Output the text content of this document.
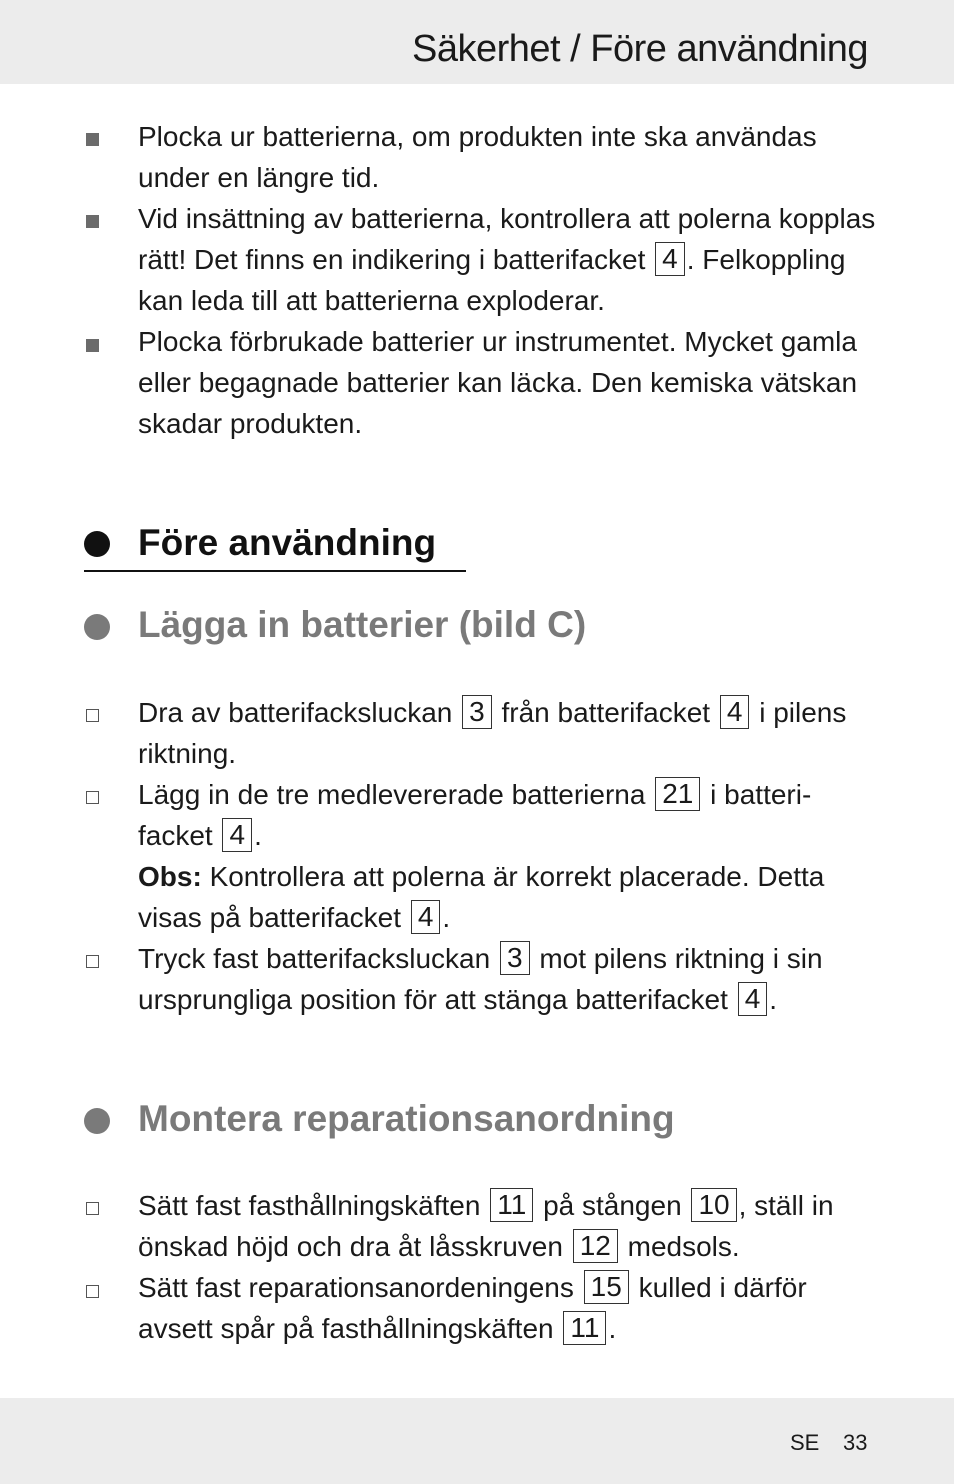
Säkerhet / Före användning

Plocka ur batterierna, om produkten inte ska användas under en längre tid.

Vid insättning av batterierna, kontrollera att polerna kopplas rätt! Det finns en indikering i batterifacket 4 . Felkoppling kan leda till att batterierna exploderar.

Plocka förbrukade batterier ur instrumentet. Mycket gamla eller begagnade batterier kan läcka. Den kemiska vätskan skadar produkten.

Före användning
Lägga in batterier (bild C)

Dra av batterifacksluckan 3 från batterifacket 4 i pilens riktning.

Lägg in de tre medlevererade batterierna 21 i batteri-facket 4 .

Obs: Kontrollera att polerna är korrekt placerade. Detta visas på batterifacket 4 .

Tryck fast batterifacksluckan 3 mot pilens riktning i sin ursprungliga position för att stänga batterifacket 4 .

Montera reparationsanordning

Sätt fast fasthållningskäften 11 på stången 10 , ställ in önskad höjd och dra åt låsskruven 12 medsols.

Sätt fast reparationsanordeningens 15 kulled i därför avsett spår på fasthållningskäften 11 .

SE 33
